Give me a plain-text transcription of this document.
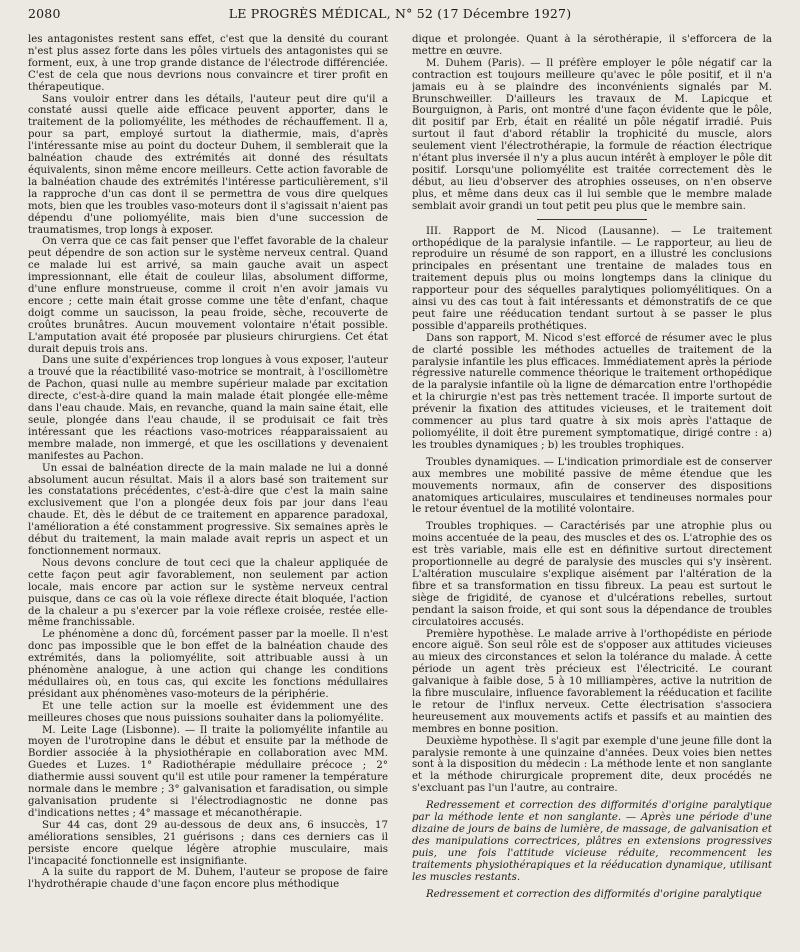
2080	LE PROGRÈS MÉDICAL, N° 52 (17 Décembre 1927)

les antagonistes restent sans effet, c'est que la densité du courant n'est plus assez forte dans les pôles virtuels des antagonistes qui se forment, eux, à une trop grande distance de l'électrode différenciée. C'est de cela que nous devrions nous convaincre et tirer profit en thérapeutique.

Sans vouloir entrer dans les détails, l'auteur peut dire qu'il a constaté aussi quelle aide efficace peuvent apporter, dans le traitement de la poliomyélite, les méthodes de réchauffement. Il a, pour sa part, employé surtout la diathermie, mais, d'après l'intéressante mise au point du docteur Duhem, il semblerait que la balnéation chaude des extrémités ait donné des résultats équivalents, sinon même encore meilleurs. Cette action favorable de la balnéation chaude des extrémités l'intéresse particulièrement, s'il la rapproche d'un cas dont il se permettra de vous dire quelques mots, bien que les troubles vaso-moteurs dont il s'agissait n'aient pas dépendu d'une poliomyélite, mais bien d'une succession de traumatismes, trop longs à exposer.

On verra que ce cas fait penser que l'effet favorable de la chaleur peut dépendre de son action sur le système nerveux central. Quand ce malade lui est arrivé, sa main gauche avait un aspect impressionnant, elle était de couleur lilas, absolument difforme, d'une enflure monstrueuse, comme il croit n'en avoir jamais vu encore ; cette main était grosse comme une tête d'enfant, chaque doigt comme un saucisson, la peau froide, sèche, recouverte de croûtes brunâtres. Aucun mouvement volontaire n'était possible. L'amputation avait été proposée par plusieurs chirurgiens. Cet état durait depuis trois ans.

Dans une suite d'expériences trop longues à vous exposer, l'auteur a trouvé que la réactibilité vaso-motrice se montrait, à l'oscillomètre de Pachon, quasi nulle au membre supérieur malade par excitation directe, c'est-à-dire quand la main malade était plongée elle-même dans l'eau chaude. Mais, en revanche, quand la main saine était, elle seule, plongée dans l'eau chaude, il se produisait ce fait très intéressant que les réactions vaso-motrices réapparaissaient au membre malade, non immergé, et que les oscillations y devenaient manifestes au Pachon.

Un essai de balnéation directe de la main malade ne lui a donné absolument aucun résultat. Mais il a alors basé son traitement sur les constatations précédentes, c'est-à-dire que c'est la main saine exclusivement que l'on a plongée deux fois par jour dans l'eau chaude. Et, dès le début de ce traitement en apparence paradoxal, l'amélioration a été constamment progressive. Six semaines après le début du traitement, la main malade avait repris un aspect et un fonctionnement normaux.

Nous devons conclure de tout ceci que la chaleur appliquée de cette façon peut agir favorablement, non seulement par action locale, mais encore par action sur le système nerveux central puisque, dans ce cas où la voie réflexe directe était bloquée, l'action de la chaleur a pu s'exercer par la voie réflexe croisée, restée elle-même franchissable.

Le phénomène a donc dû, forcément passer par la moelle. Il n'est donc pas impossible que le bon effet de la balnéation chaude des extrémités, dans la poliomyélite, soit attribuable aussi à un phénomène analogue, à une action qui change les conditions médullaires où, en tous cas, qui excite les fonctions médullaires présidant aux phénomènes vaso-moteurs de la périphérie.

Et une telle action sur la moelle est évidemment une des meilleures choses que nous puissions souhaiter dans la poliomyélite.

M. Leite Lage (Lisbonne). — Il traite la poliomyélite infantile au moyen de l'urotropine dans le début et ensuite par la méthode de Bordier associée à la physiothérapie en collaboration avec MM. Guedes et Luzes. 1° Radiothérapie médullaire précoce ; 2° diathermie aussi souvent qu'il est utile pour ramener la température normale dans le membre ; 3° galvanisation et faradisation, ou simple galvanisation prudente si l'électrodiagnostic ne donne pas d'indications nettes ; 4° massage et mécanothérapie.

Sur 44 cas, dont 29 au-dessous de deux ans, 6 insuccès, 17 améliorations sensibles, 21 guérisons ; dans ces derniers cas il persiste encore quelque légère atrophie musculaire, mais l'incapacité fonctionnelle est insignifiante.

A la suite du rapport de M. Duhem, l'auteur se propose de faire l'hydrothérapie chaude d'une façon encore plus méthodique

dique et prolongée. Quant à la sérothérapie, il s'efforcera de la mettre en œuvre.

M. Duhem (Paris). — Il préfère employer le pôle négatif car la contraction est toujours meilleure qu'avec le pôle positif, et il n'a jamais eu à se plaindre des inconvénients signalés par M. Brunschweiller. D'ailleurs les travaux de M. Lapicque et Bourguignon, à Paris, ont montré d'une façon évidente que le pôle, dit positif par Erb, était en réalité un pôle négatif irradié. Puis surtout il faut d'abord rétablir la trophicité du muscle, alors seulement vient l'électrothérapie, la formule de réaction électrique n'étant plus inversée il n'y a plus aucun intérêt à employer le pôle dit positif. Lorsqu'une poliomyélite est traitée correctement dès le début, au lieu d'observer des atrophies osseuses, on n'en observe plus, et même dans deux cas il lui semble que le membre malade semblait avoir grandi un tout petit peu plus que le membre sain.

III. Rapport de M. Nicod (Lausanne). — Le traitement orthopédique de la paralysie infantile. — Le rapporteur, au lieu de reproduire un résumé de son rapport, en a illustré les conclusions principales en présentant une trentaine de malades tous en traitement depuis plus ou moins longtemps dans la clinique du rapporteur pour des séquelles paralytiques poliomyélitiques. On a ainsi vu des cas tout à fait intéressants et démonstratifs de ce que peut faire une rééducation tendant surtout à se passer le plus possible d'appareils prothétiques.

Dans son rapport, M. Nicod s'est efforcé de résumer avec le plus de clarté possible les méthodes actuelles de traitement de la paralysie infantile les plus efficaces. Immédiatement après la période régressive naturelle commence théorique le traitement orthopédique de la paralysie infantile où la ligne de démarcation entre l'orthopédie et la chirurgie n'est pas très nettement tracée. Il importe surtout de prévenir la fixation des attitudes vicieuses, et le traitement doit commencer au plus tard quatre à six mois après l'attaque de poliomyélite, il doit être purement symptomatique, dirigé contre : a) les troubles dynamiques ; b) les troubles trophiques.

Troubles dynamiques. — L'indication primordiale est de conserver aux membres une mobilité passive de même étendue que les mouvements normaux, afin de conserver des dispositions anatomiques articulaires, musculaires et tendineuses normales pour le retour éventuel de la motilité volontaire.

Troubles trophiques. — Caractérisés par une atrophie plus ou moins accentuée de la peau, des muscles et des os. L'atrophie des os est très variable, mais elle est en définitive surtout directement proportionnelle au degré de paralysie des muscles qui s'y insèrent. L'altération musculaire s'explique aisément par l'altération de la fibre et sa transformation en tissu fibreux. La peau est surtout le siège de frigidité, de cyanose et d'ulcérations rebelles, surtout pendant la saison froide, et qui sont sous la dépendance de troubles circulatoires accusés.

Première hypothèse. Le malade arrive à l'orthopédiste en période encore aiguë. Son seul rôle est de s'opposer aux attitudes vicieuses au mieux des circonstances et selon la tolérance du malade. À cette période un agent très précieux est l'électricité. Le courant galvanique à faible dose, 5 à 10 milliampères, active la nutrition de la fibre musculaire, influence favorablement la rééducation et facilite le retour de l'influx nerveux. Cette électrisation s'associera heureusement aux mouvements actifs et passifs et au maintien des membres en bonne position.

Deuxième hypothèse. Il s'agit par exemple d'une jeune fille dont la paralysie remonte à une quinzaine d'années. Deux voies bien nettes sont à la disposition du médecin : La méthode lente et non sanglante et la méthode chirurgicale proprement dite, deux procédés ne s'excluant pas l'un l'autre, au contraire.

Redressement et correction des difformités d'origine paralytique par la méthode lente et non sanglante. — Après une période d'une dizaine de jours de bains de lumière, de massage, de galvanisation et des manipulations correctrices, plâtres en extensions progressives puis, une fois l'attitude vicieuse réduite, recommencent les traitements physiothérapiques et la rééducation dynamique, utilisant les muscles restants.

Redressement et correction des difformités d'origine paralytique
